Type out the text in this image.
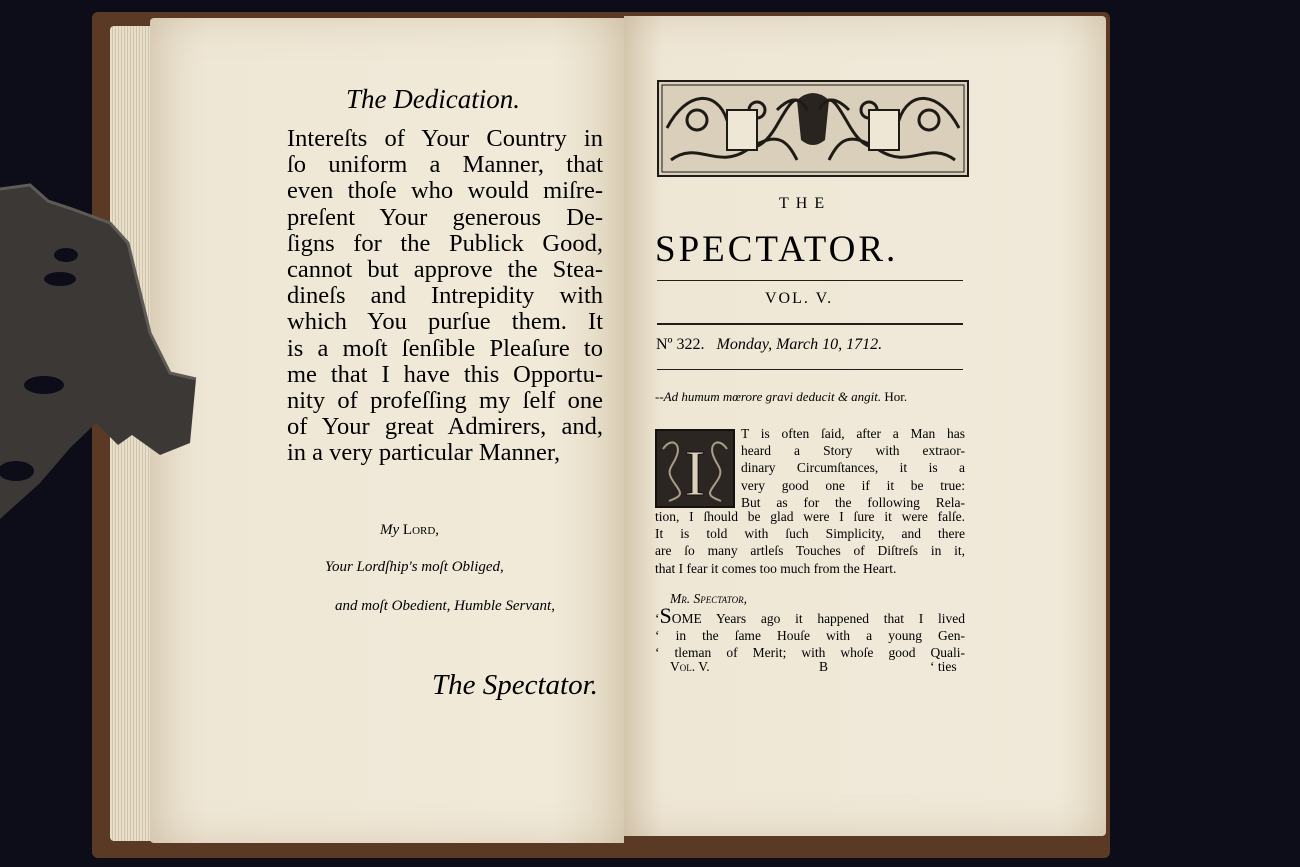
The Dedication.
Intereſts of Your Country in
ſo uniform a Manner, that
even thoſe who would miſre-
preſent Your generous De-
ſigns for the Publick Good,
cannot but approve the Stea-
dineſs and Intrepidity with
which You purſue them. It
is a moſt ſenſible Pleaſure to
me that I have this Opportu-
nity of profeſſing my ſelf one
of Your great Admirers, and,
in a very particular Manner,
My Lord,
Your Lordſhip's moſt Obliged,
and moſt Obedient, Humble Servant,
The Spectator.
THE
SPECTATOR.
VOL. V.
Nº 322. Monday, March 10, 1712.
--Ad humum mœrore gravi deducit & angit. Hor.
I
T is often ſaid, after a Man has
heard a Story with extraor-
dinary Circumſtances, it is a
very good one if it be true:
But as for the following Rela-
tion, I ſhould be glad were I ſure it were falſe.
It is told with ſuch Simplicity, and there
are ſo many artleſs Touches of Diſtreſs in it,
that I fear it comes too much from the Heart.
Mr. Spectator,
‘SOME Years ago it happened that I lived
‘ in the ſame Houſe with a young Gen-
‘ tleman of Merit; with whoſe good Quali-
Vol. V.	B	‘ ties
